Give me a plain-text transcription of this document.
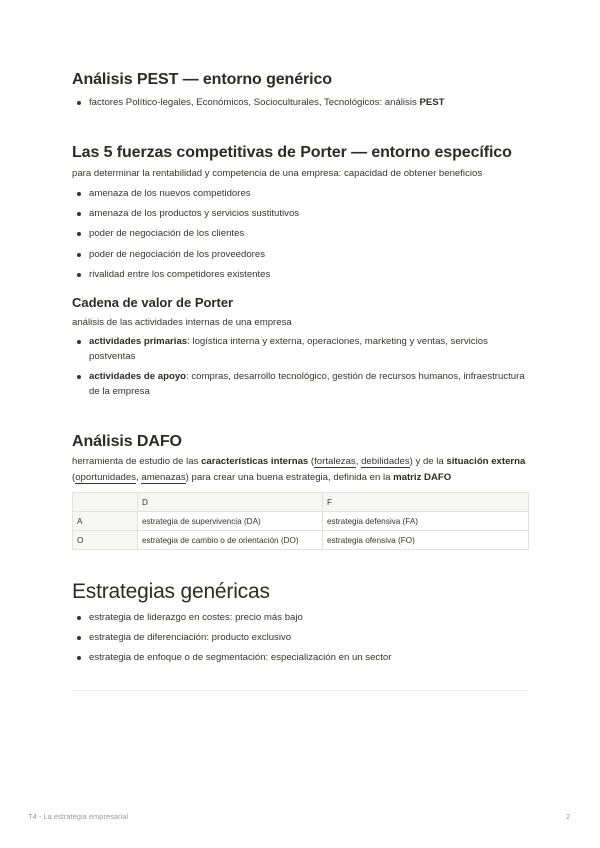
Análisis PEST — entorno genérico
factores Político-legales, Económicos, Socioculturales, Tecnológicos: análisis PEST
Las 5 fuerzas competitivas de Porter — entorno específico
para determinar la rentabilidad y competencia de una empresa: capacidad de obtener beneficios
amenaza de los nuevos competidores
amenaza de los productos y servicios sustitutivos
poder de negociación de los clientes
poder de negociación de los proveedores
rivalidad entre los competidores existentes
Cadena de valor de Porter
análisis de las actividades internas de una empresa
actividades primarias: logística interna y externa, operaciones, marketing y ventas, servicios postventas
actividades de apoyo: compras, desarrollo tecnológico, gestión de recursos humanos, infraestructura de la empresa
Análisis DAFO
herramienta de estudio de las características internas (fortalezas, debilidades) y de la situación externa (oportunidades, amenazas) para crear una buena estrategia, definida en la matriz DAFO
	D	F
A	estrategia de supervivencia (DA)	estrategia defensiva (FA)
O	estrategia de cambio o de orientación (DO)	estrategia ofensiva (FO)
Estrategias genéricas
estrategia de liderazgo en costes: precio más bajo
estrategia de diferenciación: producto exclusivo
estrategia de enfoque o de segmentación: especialización en un sector
T4 - La estrategia empresarial	2
